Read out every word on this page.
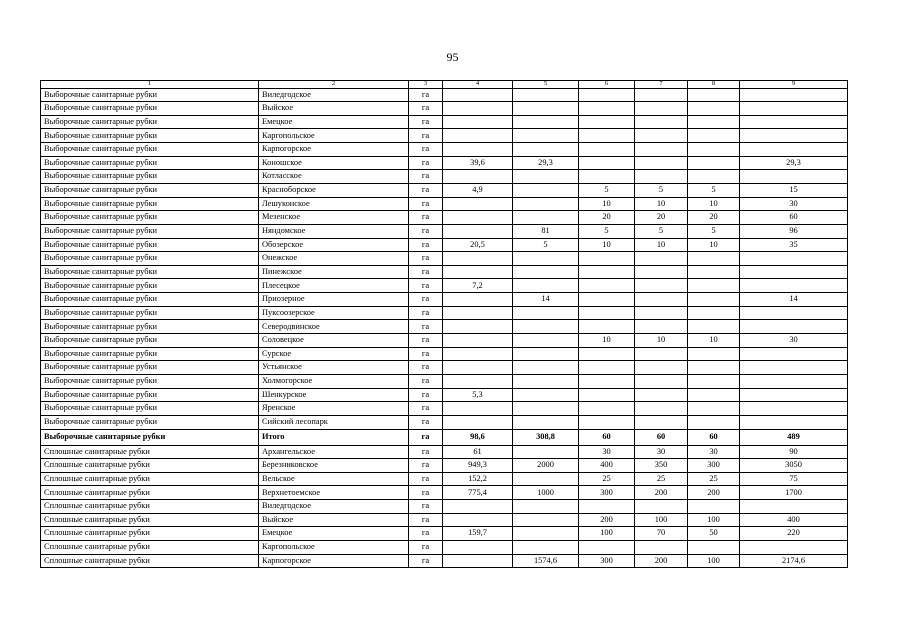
95
1	2	3	4	5	6	7	8	9
Выборочные санитарные рубки	Виледгодское	га						
Выборочные санитарные рубки	Выйское	га						
Выборочные санитарные рубки	Емецкое	га						
Выборочные санитарные рубки	Каргопольское	га						
Выборочные санитарные рубки	Карпогорское	га						
Выборочные санитарные рубки	Коношское	га	39,6	29,3				29,3
Выборочные санитарные рубки	Котласское	га						
Выборочные санитарные рубки	Красноборское	га	4,9		5	5	5	15
Выборочные санитарные рубки	Лешуконское	га			10	10	10	30
Выборочные санитарные рубки	Мезенское	га			20	20	20	60
Выборочные санитарные рубки	Няндомское	га		81	5	5	5	96
Выборочные санитарные рубки	Обозерское	га	20,5	5	10	10	10	35
Выборочные санитарные рубки	Онежское	га						
Выборочные санитарные рубки	Пинежское	га						
Выборочные санитарные рубки	Плесецкое	га	7,2					
Выборочные санитарные рубки	Приозерное	га		14				14
Выборочные санитарные рубки	Пуксоозерское	га						
Выборочные санитарные рубки	Северодвинское	га						
Выборочные санитарные рубки	Соловецкое	га			10	10	10	30
Выборочные санитарные рубки	Сурское	га						
Выборочные санитарные рубки	Устьянское	га						
Выборочные санитарные рубки	Холмогорское	га						
Выборочные санитарные рубки	Шенкурское	га	5,3					
Выборочные санитарные рубки	Яренское	га						
Выборочные санитарные рубки	Сийский лесопарк	га						
Выборочные санитарные рубки	Итого	га	98,6	308,8	60	60	60	489
Сплошные санитарные рубки	Архангельское	га	61		30	30	30	90
Сплошные санитарные рубки	Березниковское	га	949,3	2000	400	350	300	3050
Сплошные санитарные рубки	Вельское	га	152,2		25	25	25	75
Сплошные санитарные рубки	Верхнетоемское	га	775,4	1000	300	200	200	1700
Сплошные санитарные рубки	Виледгодское	га						
Сплошные санитарные рубки	Выйское	га			200	100	100	400
Сплошные санитарные рубки	Емецкое	га	159,7		100	70	50	220
Сплошные санитарные рубки	Каргопольское	га						
Сплошные санитарные рубки	Карпогорское	га		1574,6	300	200	100	2174,6
